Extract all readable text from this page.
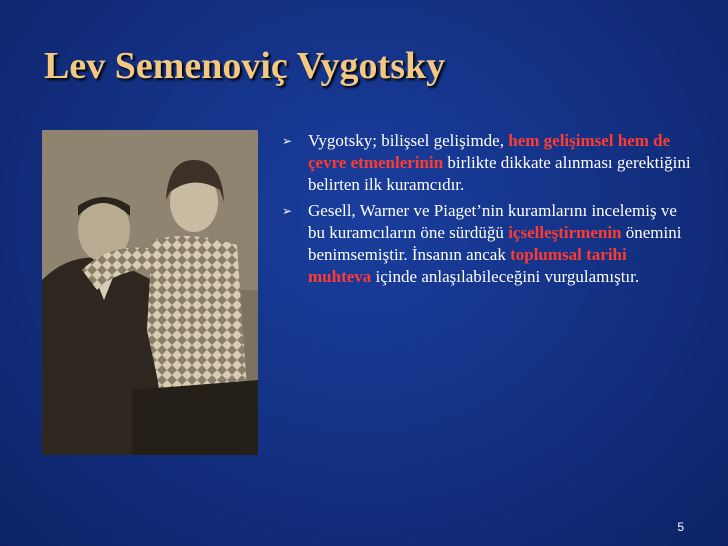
Lev Semenoviç Vygotsky
➢ Vygotsky; bilişsel gelişimde, hem gelişimsel hem de çevre etmenlerinin birlikte dikkate alınması gerektiğini belirten ilk kuramcıdır.
➢ Gesell, Warner ve Piaget’nin kuramlarını incelemiş ve bu kuramcıların öne sürdüğü içselleştirmenin önemini benimsemiştir. İnsanın ancak toplumsal tarihi muhteva içinde anlaşılabileceğini vurgulamıştır.
5
